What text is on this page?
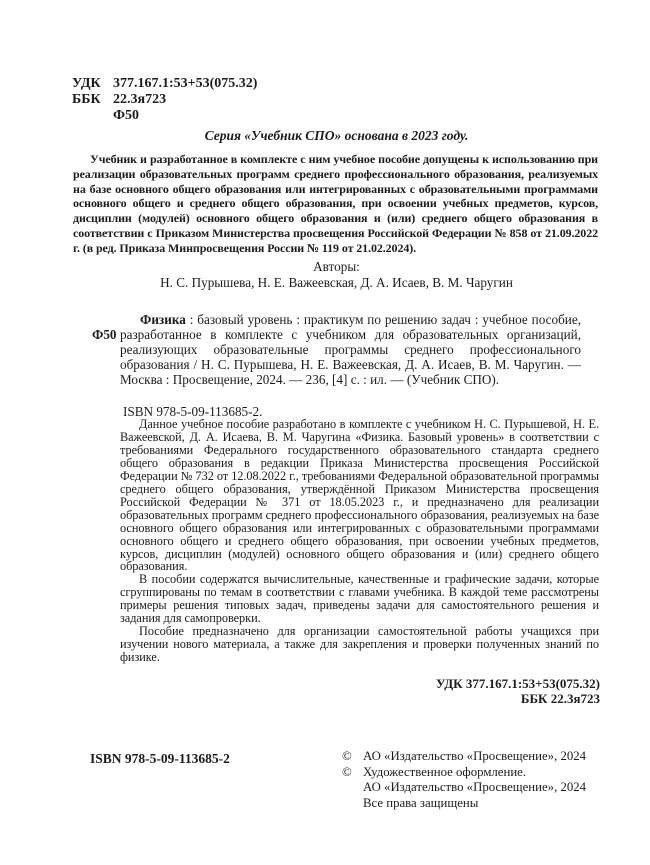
УДК 377.167.1:53+53(075.32)
ББК 22.3я723
Ф50
Серия «Учебник СПО» основана в 2023 году.
Учебник и разработанное в комплекте с ним учебное пособие допущены к использованию при реализации образовательных программ среднего профессионального образования, реализуемых на базе основного общего образования или интегрированных с образовательными программами основного общего и среднего общего образования, при освоении учебных предметов, курсов, дисциплин (модулей) основного общего образования и (или) среднего общего образования в соответствии с Приказом Министерства просвещения Российской Федерации № 858 от 21.09.2022 г. (в ред. Приказа Минпросвещения России № 119 от 21.02.2024).
Авторы:
Н. С. Пурышева, Н. Е. Важеевская, Д. А. Исаев, В. М. Чаругин
Ф50
Физика : базовый уровень : практикум по решению задач : учебное пособие, разработанное в комплекте с учебником для образовательных организаций, реализующих образовательные программы среднего профессионального образования / Н. С. Пурышева, Н. Е. Важеевская, Д. А. Исаев, В. М. Чаругин. — Москва : Просвещение, 2024. — 236, [4] с. : ил. — (Учебник СПО).
ISBN 978-5-09-113685-2.

Данное учебное пособие разработано в комплекте с учебником Н. С. Пурышевой, Н. Е. Важеевской, Д. А. Исаева, В. М. Чаругина «Физика. Базовый уровень» в соответствии с требованиями Федерального государственного образовательного стандарта среднего общего образования в редакции Приказа Министерства просвещения Российской Федерации № 732 от 12.08.2022 г., требованиями Федеральной образовательной программы среднего общего образования, утверждённой Приказом Министерства просвещения Российской Федерации № 371 от 18.05.2023 г., и предназначено для реализации образовательных программ среднего профессионального образования, реализуемых на базе основного общего образования или интегрированных с образовательными программами основного общего и среднего общего образования, при освоении учебных предметов, курсов, дисциплин (модулей) основного общего образования и (или) среднего общего образования.

В пособии содержатся вычислительные, качественные и графические задачи, которые сгруппированы по темам в соответствии с главами учебника. В каждой теме рассмотрены примеры решения типовых задач, приведены задачи для самостоятельного решения и задания для самопроверки.

Пособие предназначено для организации самостоятельной работы учащихся при изучении нового материала, а также для закрепления и проверки полученных знаний по физике.

УДК 377.167.1:53+53(075.32)
ББК 22.3я723
ISBN 978-5-09-113685-2	© АО «Издательство «Просвещение», 2024
© Художественное оформление.
АО «Издательство «Просвещение», 2024
Все права защищены
